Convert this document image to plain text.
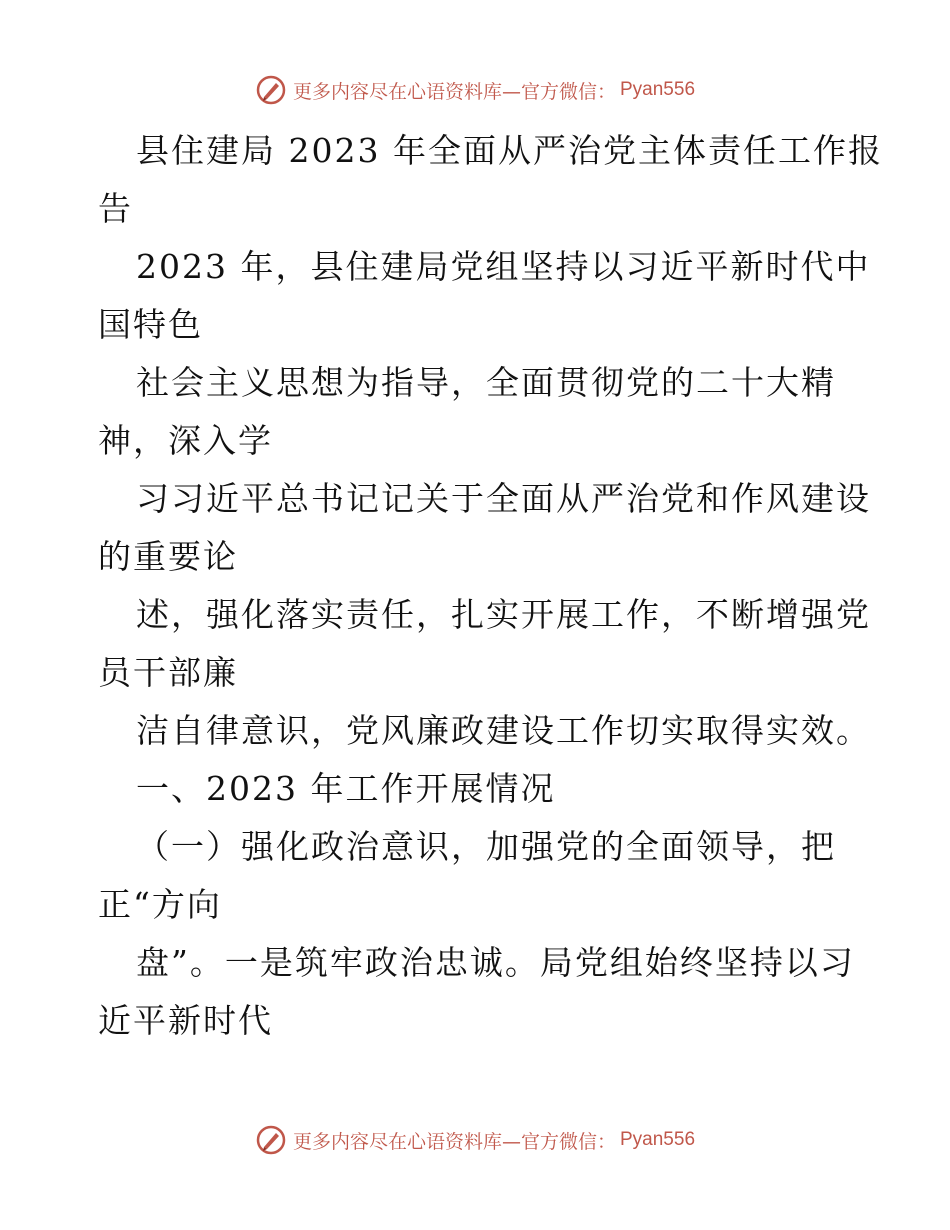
更多内容尽在心语资料库—官方微信： Pyan556
县住建局 2023 年全面从严治党主体责任工作报
告
2023 年，县住建局党组坚持以习近平新时代中
国特色
社会主义思想为指导，全面贯彻党的二十大精
神，深入学
习习近平总书记记关于全面从严治党和作风建设
的重要论
述，强化落实责任，扎实开展工作，不断增强党
员干部廉
洁自律意识，党风廉政建设工作切实取得实效。
一、2023 年工作开展情况
（一）强化政治意识，加强党的全面领导，把
正“方向
盘”。一是筑牢政治忠诚。局党组始终坚持以习
近平新时代
更多内容尽在心语资料库—官方微信： Pyan556
